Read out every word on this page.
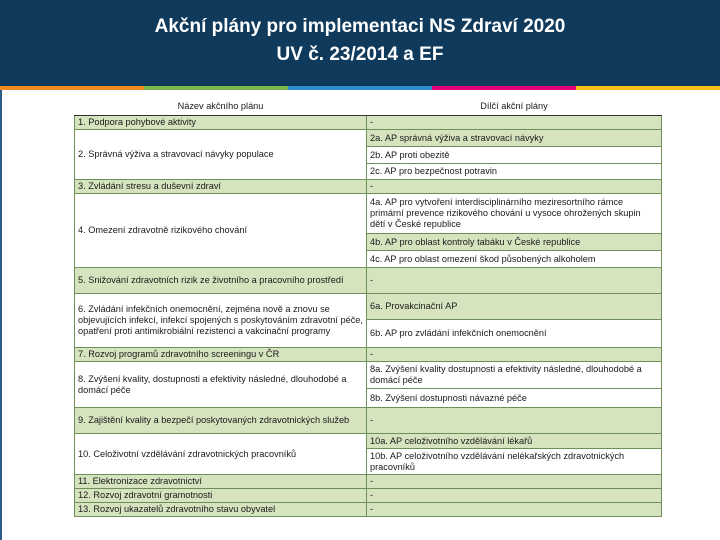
Akční plány pro implementaci NS Zdraví 2020
UV č. 23/2014 a EF
Název akčního plánu	Dílčí akční plány
1. Podpora pohybové aktivity	-
2. Správná výživa a stravovací návyky populace	2a. AP správná výživa a stravovací návyky
	2b. AP proti obezitě
	2c. AP pro bezpečnost potravin
3. Zvládání stresu a duševní zdraví	-
4. Omezení zdravotně rizikového chování	4a. AP pro vytvoření interdisciplinárního meziresortního rámce primární prevence rizikového chování u vysoce ohrožených skupin dětí v České republice
	4b. AP pro oblast kontroly tabáku v České republice
	4c. AP pro oblast omezení škod působených alkoholem
5. Snižování zdravotních rizik ze životního a pracovního prostředí	-
6. Zvládání infekčních onemocnění, zejména nově a znovu se objevujících infekcí, infekcí spojených s poskytováním zdravotní péče, opatření proti antimikrobiální rezistenci a vakcinační programy	6a. Provakcinační AP
	6b. AP pro zvládání infekčních onemocnění
7. Rozvoj programů zdravotního screeningu v ČR	-
8. Zvýšení kvality, dostupnosti a efektivity následné, dlouhodobé a domácí péče	8a. Zvýšení kvality dostupnosti a efektivity následné, dlouhodobé a domácí péče
	8b. Zvýšení dostupnosti návazné péče
9. Zajištění kvality a bezpečí poskytovaných zdravotnických služeb	-
10. Celoživotní vzdělávání zdravotnických pracovníků	10a. AP celoživotního vzdělávání lékařů
	10b. AP celoživotního vzdělávání nelékařských zdravotnických pracovníků
11. Elektronizace zdravotnictví	-
12. Rozvoj zdravotní gramotnosti	-
13. Rozvoj ukazatelů zdravotního stavu obyvatel	-
